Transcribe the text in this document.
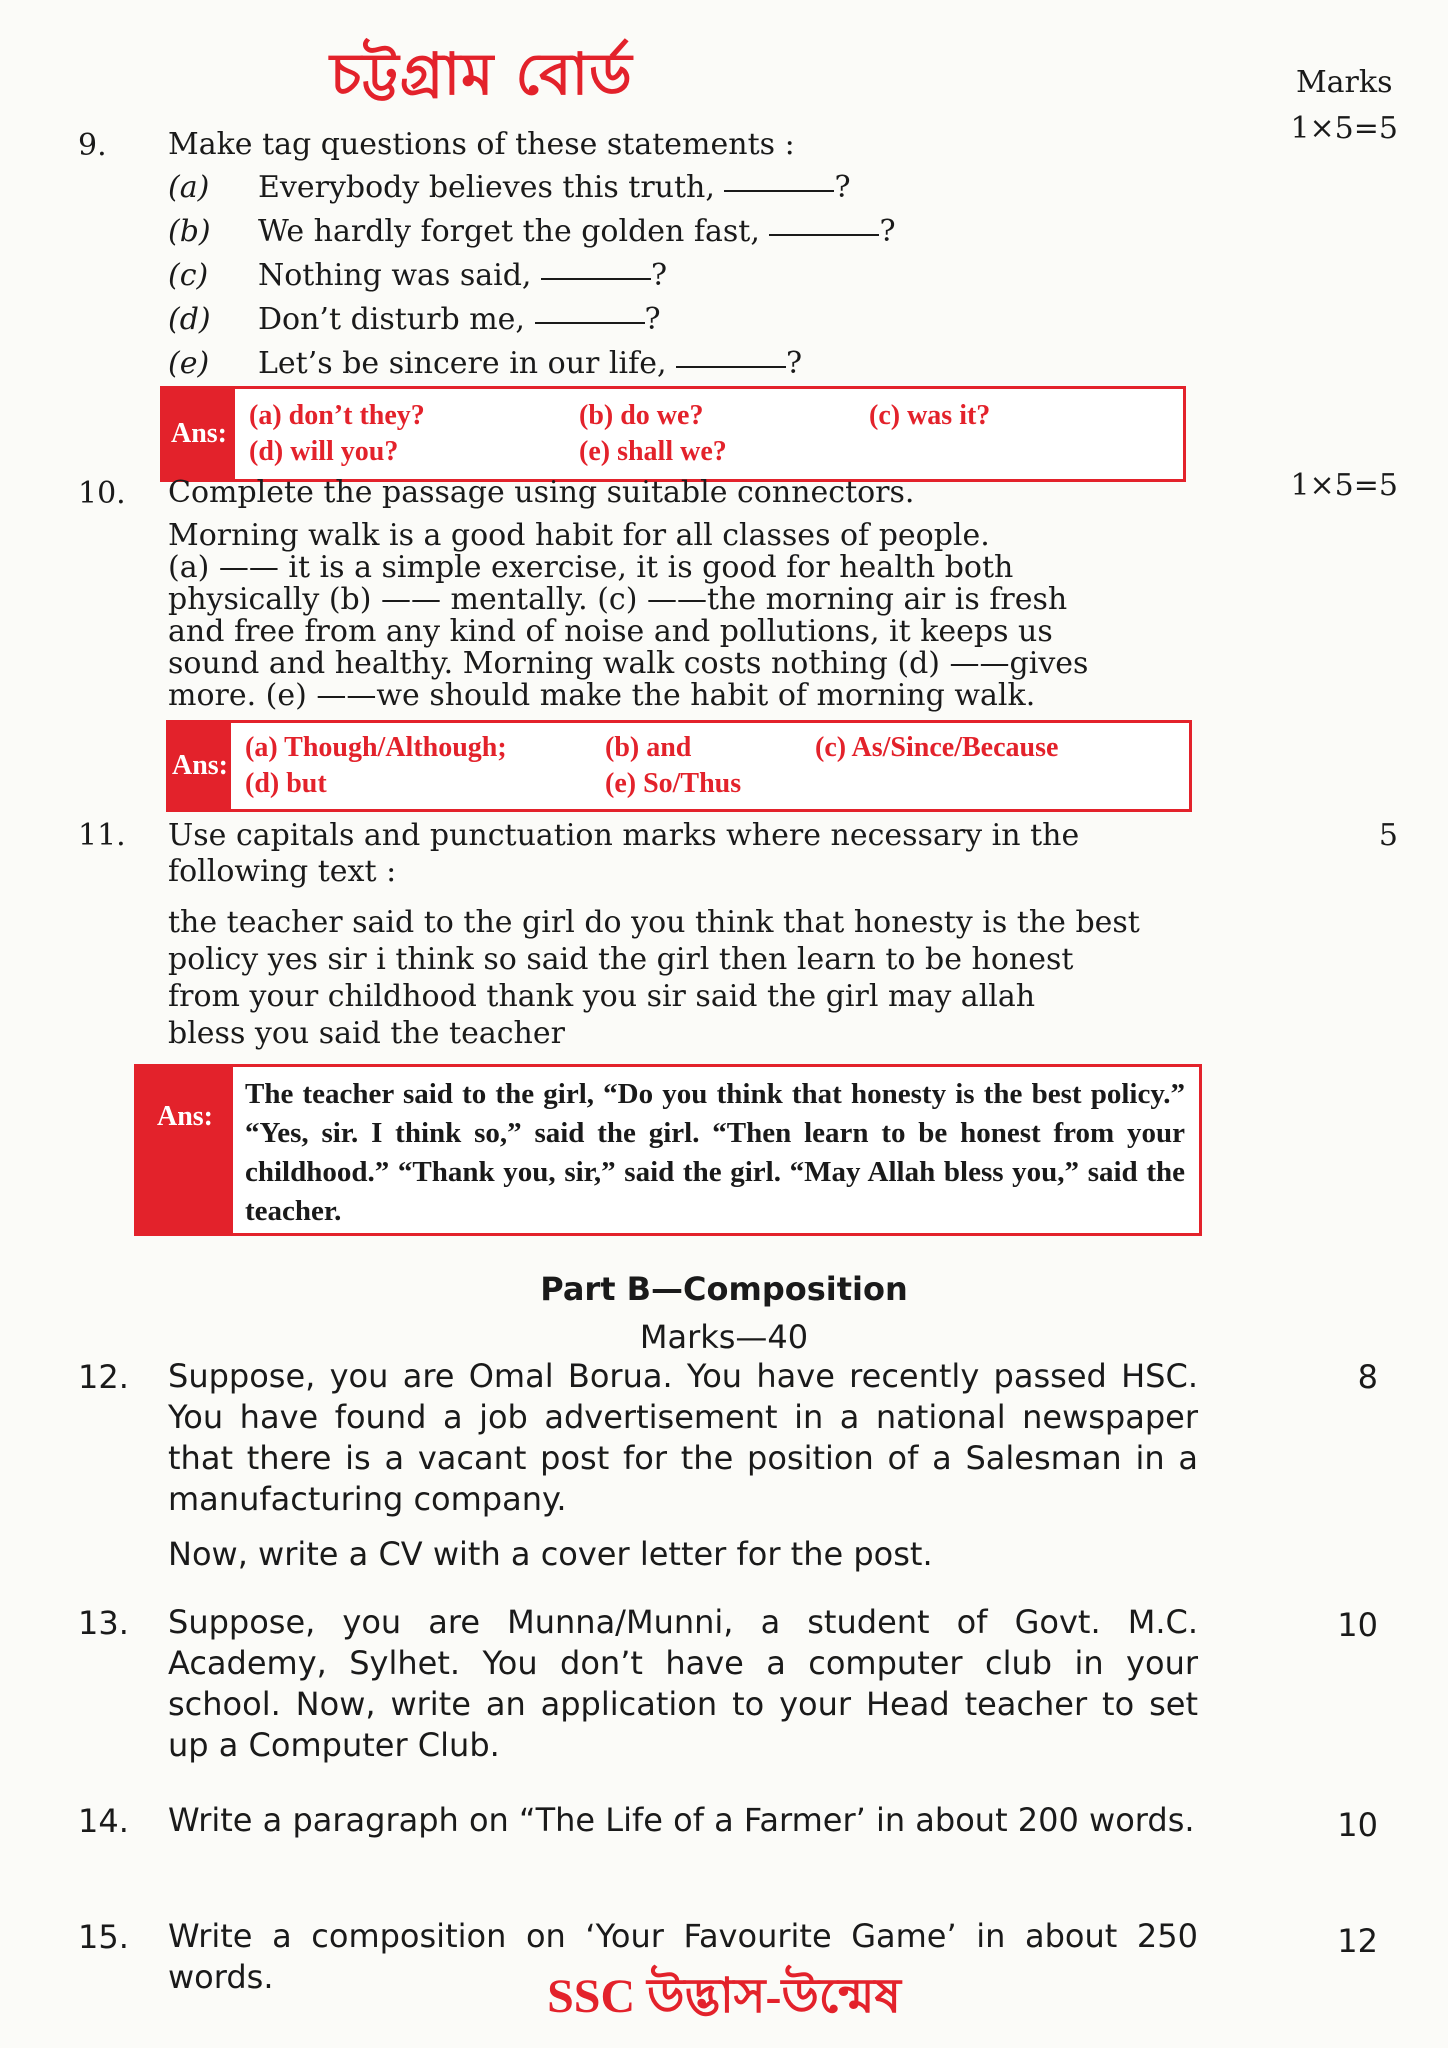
চট্টগ্রাম বোর্ড	Marks
1×5=5
9. Make tag questions of these statements :
(a)	Everybody believes this truth,
	?
(b)	We hardly forget the golden fast,
	?
(c)	Nothing was said,
	?
(d)	Don’t disturb me,
	?
(e)	Let’s be sincere in our life,
	?
Ans:
(a) don’t they?	(b) do we?	(c) was it?
(d) will you?	(e) shall we?
10. Complete the passage using suitable connectors.	1×5=5
Morning walk is a good habit for all classes of people.
(a) —— it is a simple exercise, it is good for health both
physically (b) —— mentally. (c) ——the morning air is fresh
and free from any kind of noise and pollutions, it keeps us
sound and healthy. Morning walk costs nothing (d) ——gives
more. (e) ——we should make the habit of morning walk.
Ans:
(a) Though/Although;	(b) and	(c) As/Since/Because
(d) but	(e) So/Thus
11.	5
Use capitals and punctuation marks where necessary in the
following text :
the teacher said to the girl do you think that honesty is the best
policy yes sir i think so said the girl then learn to be honest
from your childhood thank you sir said the girl may allah
bless you said the teacher
Ans:
The teacher said to the girl, “Do you think that honesty is the best policy.” “Yes, sir. I think so,” said the girl. “Then learn to be honest from your childhood.” “Thank you, sir,” said the girl. “May Allah bless you,” said the teacher.
Part B—Composition
Marks—40
12.	8
Suppose, you are Omal Borua. You have recently passed HSC. You have found a job advertisement in a national newspaper that there is a vacant post for the position of a Salesman in a manufacturing company.
Now, write a CV with a cover letter for the post.
13.	10
Suppose, you are Munna/Munni, a student of Govt. M.C. Academy, Sylhet. You don’t have a computer club in your school. Now, write an application to your Head teacher to set up a Computer Club.
14.	10
Write a paragraph on “The Life of a Farmer’ in about 200 words.
15.	12
Write a composition on ‘Your Favourite Game’ in about 250 words.	SSC উদ্ভাস-উন্মেষ
